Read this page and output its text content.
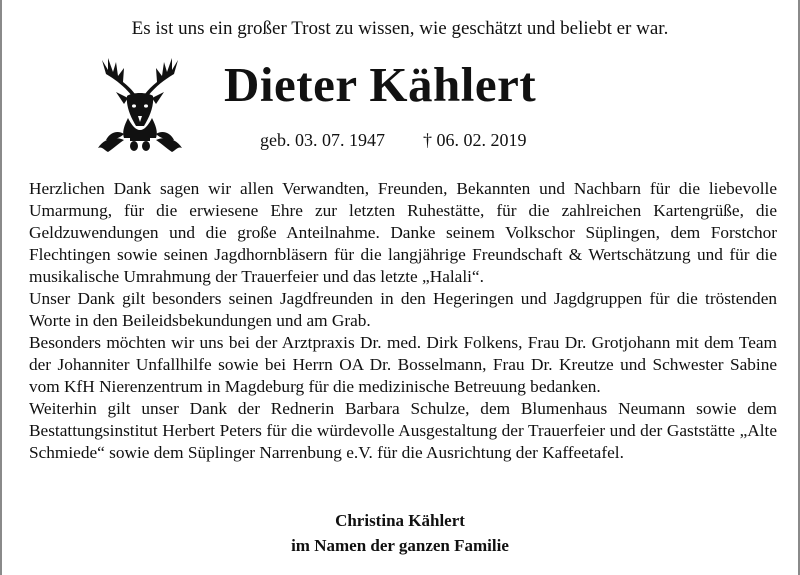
Es ist uns ein großer Trost zu wissen, wie geschätzt und beliebt er war.
Dieter Kählert
geb. 03. 07. 1947 † 06. 02. 2019

Herzlichen Dank sagen wir allen Verwandten, Freunden, Bekannten und Nachbarn für die liebevolle Umarmung, für die erwiesene Ehre zur letzten Ruhestätte, für die zahlreichen Kartengrüße, die Geldzuwendungen und die große Anteilnahme. Danke seinem Volkschor Süplingen, dem Forstchor Flechtingen sowie seinen Jagdhornbläsern für die langjährige Freundschaft & Wertschätzung und für die musikalische Umrahmung der Trauerfeier und das letzte „Halali“.

Unser Dank gilt besonders seinen Jagdfreunden in den Hegeringen und Jagdgruppen für die tröstenden Worte in den Beileidsbekundungen und am Grab.

Besonders möchten wir uns bei der Arztpraxis Dr. med. Dirk Folkens, Frau Dr. Grotjohann mit dem Team der Johanniter Unfallhilfe sowie bei Herrn OA Dr. Bosselmann, Frau Dr. Kreutze und Schwester Sabine vom KfH Nierenzentrum in Magdeburg für die medizinische Betreuung bedanken.

Weiterhin gilt unser Dank der Rednerin Barbara Schulze, dem Blumenhaus Neumann sowie dem Bestattungsinstitut Herbert Peters für die würdevolle Ausgestaltung der Trauerfeier und der Gaststätte „Alte Schmiede“ sowie dem Süplinger Narrenbung e.V. für die Ausrichtung der Kaffeetafel.

Christina Kählert
im Namen der ganzen Familie
